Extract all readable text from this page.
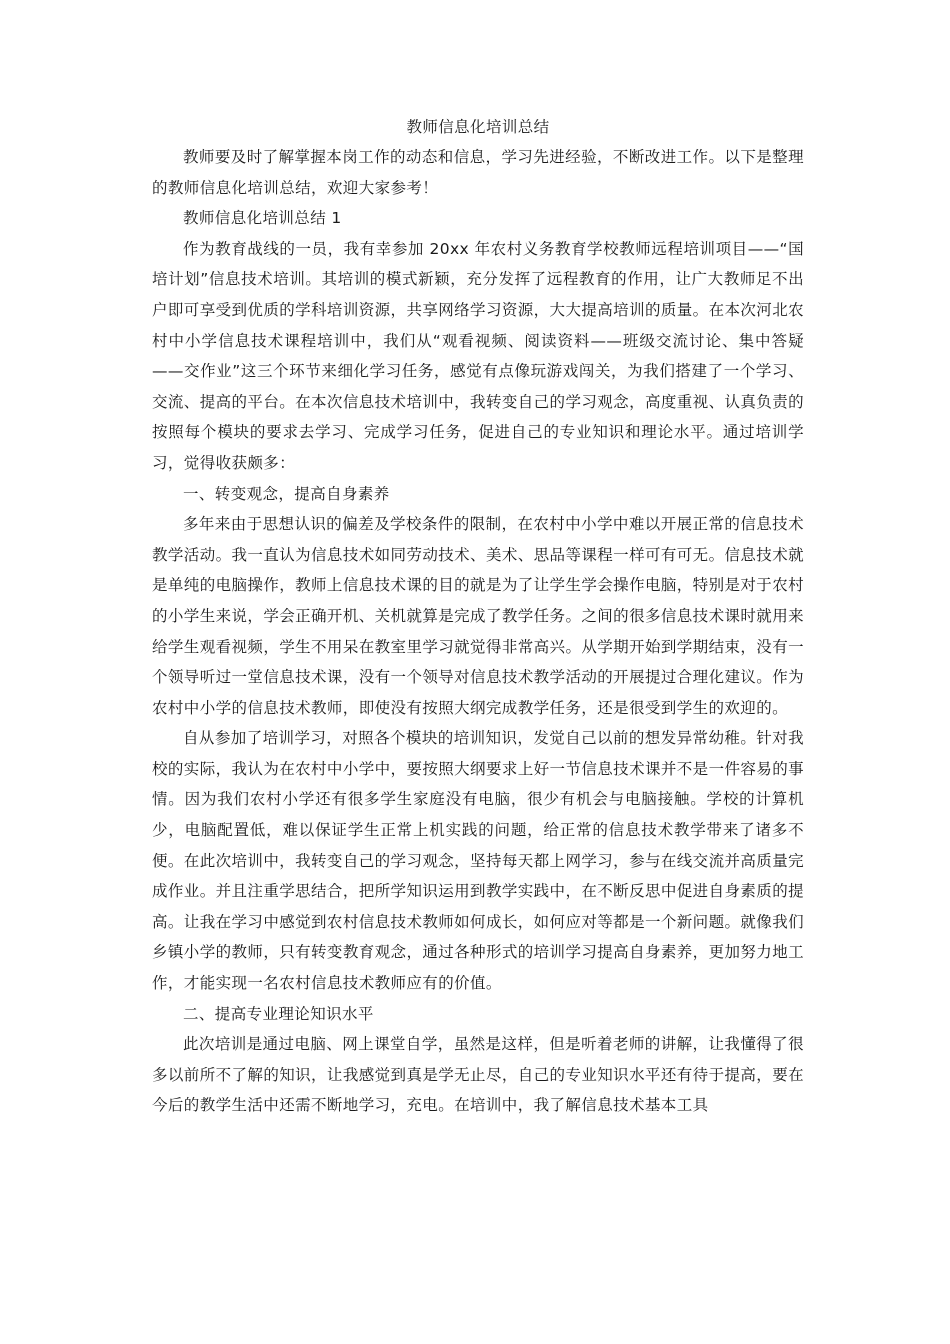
教师信息化培训总结

教师要及时了解掌握本岗工作的动态和信息，学习先进经验，不断改进工作。以下是整理的教师信息化培训总结，欢迎大家参考！

教师信息化培训总结 1

作为教育战线的一员，我有幸参加 20xx 年农村义务教育学校教师远程培训项目——“国培计划”信息技术培训。其培训的模式新颖，充分发挥了远程教育的作用，让广大教师足不出户即可享受到优质的学科培训资源，共享网络学习资源，大大提高培训的质量。在本次河北农村中小学信息技术课程培训中，我们从“观看视频、阅读资料——班级交流讨论、集中答疑——交作业”这三个环节来细化学习任务，感觉有点像玩游戏闯关，为我们搭建了一个学习、交流、提高的平台。在本次信息技术培训中，我转变自己的学习观念，高度重视、认真负责的按照每个模块的要求去学习、完成学习任务，促进自己的专业知识和理论水平。通过培训学习，觉得收获颇多：

一、转变观念，提高自身素养

多年来由于思想认识的偏差及学校条件的限制，在农村中小学中难以开展正常的信息技术教学活动。我一直认为信息技术如同劳动技术、美术、思品等课程一样可有可无。信息技术就是单纯的电脑操作，教师上信息技术课的目的就是为了让学生学会操作电脑，特别是对于农村的小学生来说，学会正确开机、关机就算是完成了教学任务。之间的很多信息技术课时就用来给学生观看视频，学生不用呆在教室里学习就觉得非常高兴。从学期开始到学期结束，没有一个领导听过一堂信息技术课，没有一个领导对信息技术教学活动的开展提过合理化建议。作为农村中小学的信息技术教师，即使没有按照大纲完成教学任务，还是很受到学生的欢迎的。

自从参加了培训学习，对照各个模块的培训知识，发觉自己以前的想发异常幼稚。针对我校的实际，我认为在农村中小学中，要按照大纲要求上好一节信息技术课并不是一件容易的事情。因为我们农村小学还有很多学生家庭没有电脑，很少有机会与电脑接触。学校的计算机少，电脑配置低，难以保证学生正常上机实践的问题，给正常的信息技术教学带来了诸多不便。在此次培训中，我转变自己的学习观念，坚持每天都上网学习，参与在线交流并高质量完成作业。并且注重学思结合，把所学知识运用到教学实践中，在不断反思中促进自身素质的提高。让我在学习中感觉到农村信息技术教师如何成长，如何应对等都是一个新问题。就像我们乡镇小学的教师，只有转变教育观念，通过各种形式的培训学习提高自身素养，更加努力地工作，才能实现一名农村信息技术教师应有的价值。

二、提高专业理论知识水平

此次培训是通过电脑、网上课堂自学，虽然是这样，但是听着老师的讲解，让我懂得了很多以前所不了解的知识，让我感觉到真是学无止尽，自己的专业知识水平还有待于提高，要在今后的教学生活中还需不断地学习，充电。在培训中，我了解信息技术基本工具
